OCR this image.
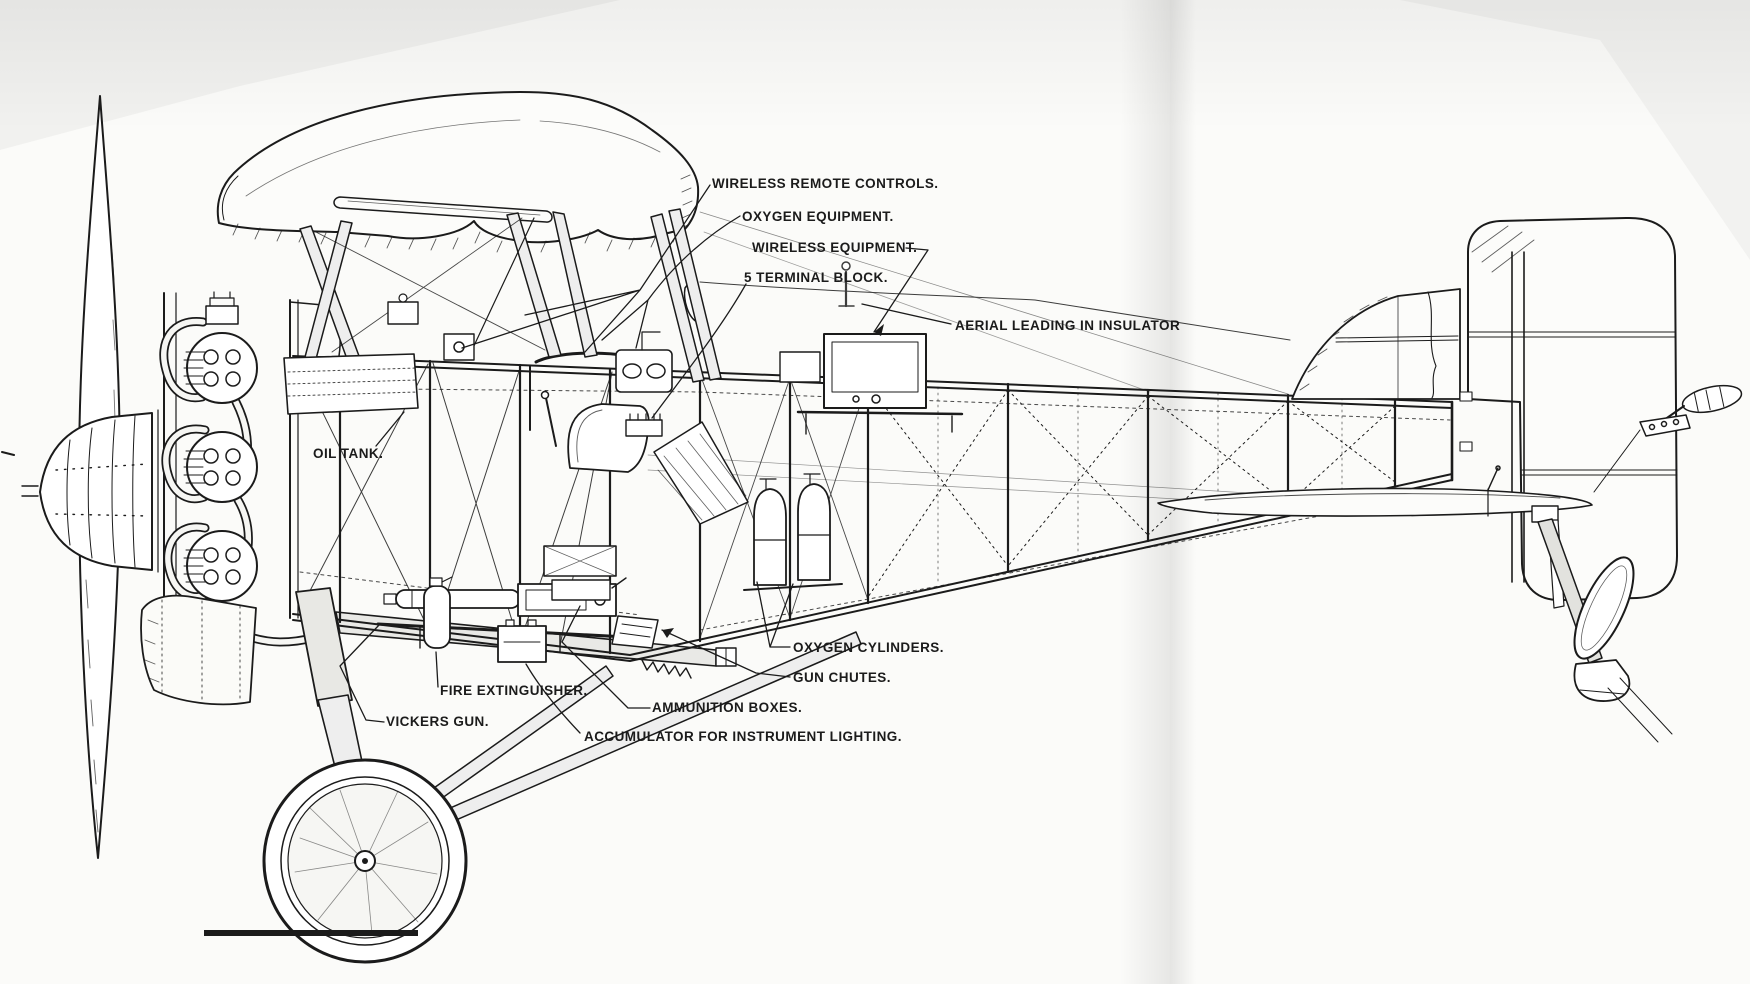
WIRELESS REMOTE CONTROLS.
OXYGEN EQUIPMENT.
WIRELESS EQUIPMENT.
5 TERMINAL BLOCK.
AERIAL LEADING IN INSULATOR
OIL TANK.
OXYGEN CYLINDERS.
GUN CHUTES.
FIRE EXTINGUISHER.
AMMUNITION BOXES.
VICKERS GUN.
ACCUMULATOR FOR INSTRUMENT LIGHTING.
